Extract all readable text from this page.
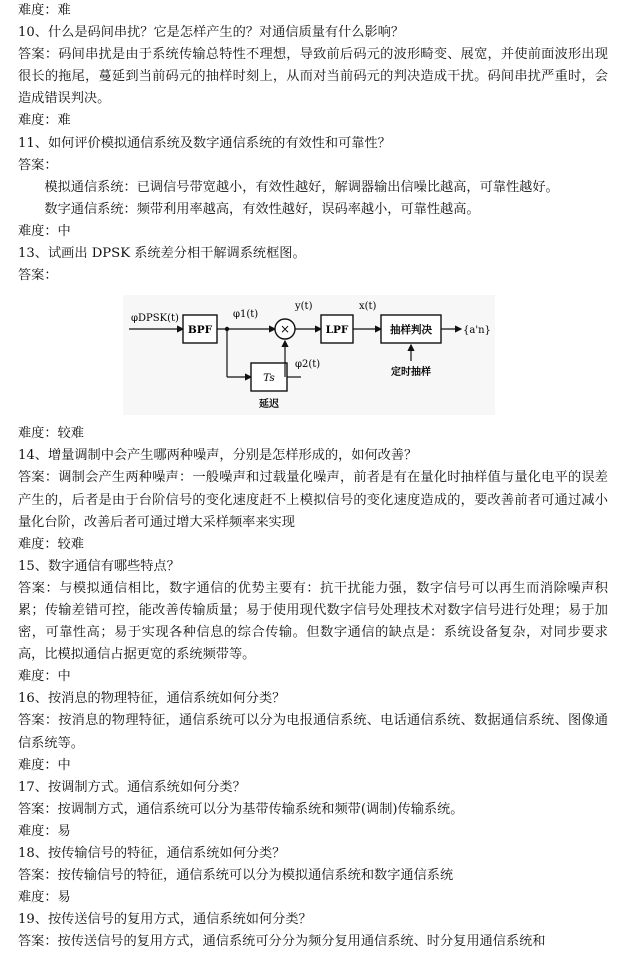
难度：难
10、什么是码间串扰？它是怎样产生的？对通信质量有什么影响？

答案：码间串扰是由于系统传输总特性不理想，导致前后码元的波形畸变、展宽，并使前面波形出现很长的拖尾，蔓延到当前码元的抽样时刻上，从而对当前码元的判决造成干扰。码间串扰严重时，会造成错误判决。

难度：难
11、如何评价模拟通信系统及数字通信系统的有效性和可靠性？
答案：

模拟通信系统：已调信号带宽越小，有效性越好，解调器输出信噪比越高，可靠性越好。

数字通信系统：频带利用率越高，有效性越好，误码率越小，可靠性越高。
难度：中
13、试画出 DPSK 系统差分相干解调系统框图。
答案：
φDPSK(t)
BPF
φ1(t)
×
y(t)
LPF
x(t)
抽样判决	{a'n}
定时抽样
Ts
延迟
φ2(t)
难度：较难
14、增量调制中会产生哪两种噪声，分别是怎样形成的，如何改善？

答案：调制会产生两种噪声：一般噪声和过载量化噪声，前者是有在量化时抽样值与量化电平的误差产生的，后者是由于台阶信号的变化速度赶不上模拟信号的变化速度造成的，要改善前者可通过减小量化台阶，改善后者可通过增大采样频率来实现

难度：较难
15、数字通信有哪些特点？

答案：与模拟通信相比，数字通信的优势主要有：抗干扰能力强，数字信号可以再生而消除噪声积累；传输差错可控，能改善传输质量；易于使用现代数字信号处理技术对数字信号进行处理；易于加密，可靠性高；易于实现各种信息的综合传输。但数字通信的缺点是：系统设备复杂，对同步要求高，比模拟通信占据更宽的系统频带等。

难度：中
16、按消息的物理特征，通信系统如何分类？

答案：按消息的物理特征，通信系统可以分为电报通信系统、电话通信系统、数据通信系统、图像通信系统等。

难度：中
17、按调制方式。通信系统如何分类？
答案：按调制方式，通信系统可以分为基带传输系统和频带(调制)传输系统。
难度：易
18、按传输信号的特征，通信系统如何分类？
答案：按传输信号的特征，通信系统可以分为模拟通信系统和数字通信系统
难度：易
19、按传送信号的复用方式，通信系统如何分类？
答案：按传送信号的复用方式，通信系统可分分为频分复用通信系统、时分复用通信系统和
